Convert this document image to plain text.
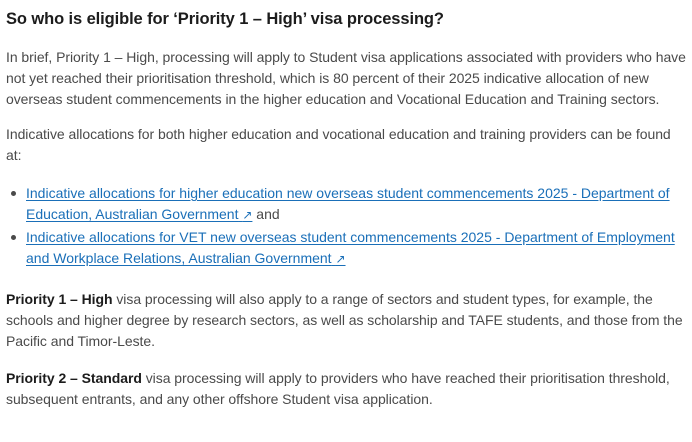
So who is eligible for ‘Priority 1 – High’ visa processing?

In brief, Priority 1 – High, processing will apply to Student visa applications associated with providers who have not yet reached their prioritisation threshold, which is 80 percent of their 2025 indicative allocation of new overseas student commencements in the higher education and Vocational Education and Training sectors.

Indicative allocations for both higher education and vocational education and training providers can be found at:

Indicative allocations for higher education new overseas student commencements 2025 - Department of Education, Australian Government ↗ and
Indicative allocations for VET new overseas student commencements 2025 - Department of Employment and Workplace Relations, Australian Government ↗

Priority 1 – High visa processing will also apply to a range of sectors and student types, for example, the schools and higher degree by research sectors, as well as scholarship and TAFE students, and those from the Pacific and Timor-Leste.

Priority 2 – Standard visa processing will apply to providers who have reached their prioritisation threshold, subsequent entrants, and any other offshore Student visa application.
